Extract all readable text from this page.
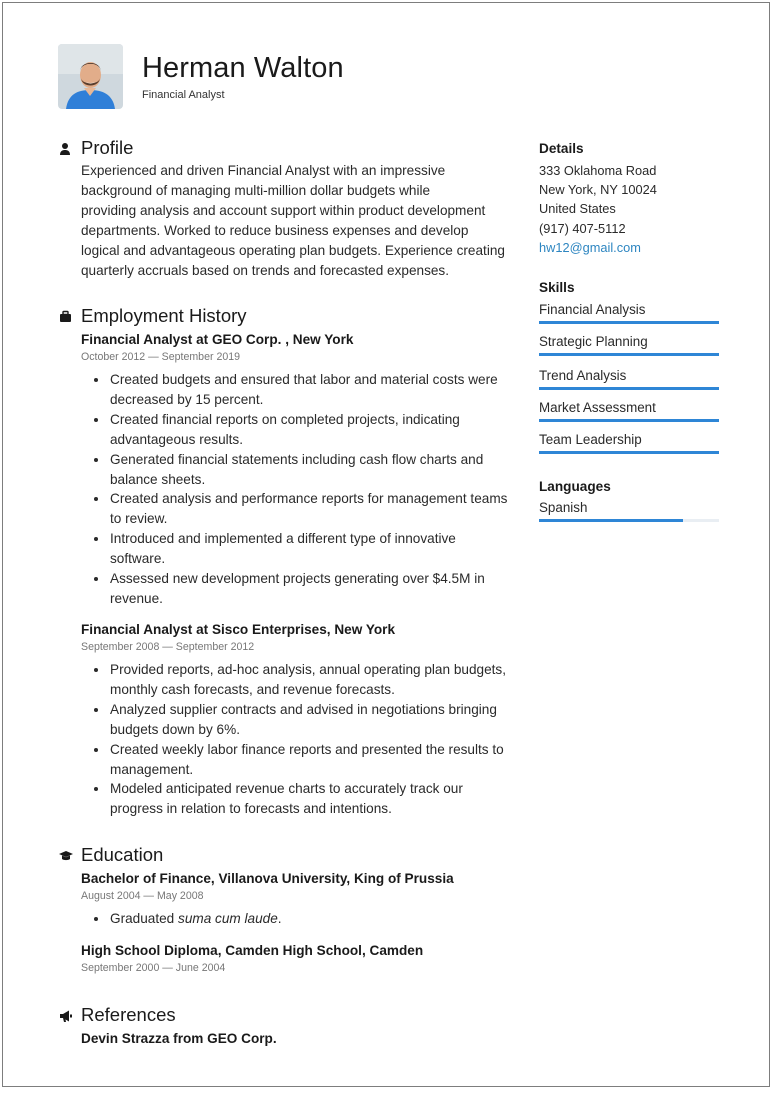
Herman Walton
Financial Analyst
Profile
Experienced and driven Financial Analyst with an impressive
background of managing multi-million dollar budgets while
providing analysis and account support within product development
departments. Worked to reduce business expenses and develop
logical and advantageous operating plan budgets. Experience creating
quarterly accruals based on trends and forecasted expenses.
Employment History
Financial Analyst at GEO Corp. , New York
October 2012 — September 2019
• Created budgets and ensured that labor and material costs were decreased by 15 percent.
• Created financial reports on completed projects, indicating advantageous results.
• Generated financial statements including cash flow charts and balance sheets.
• Created analysis and performance reports for management teams to review.
• Introduced and implemented a different type of innovative software.
• Assessed new development projects generating over $4.5M in revenue.
Financial Analyst at Sisco Enterprises, New York
September 2008 — September 2012
• Provided reports, ad-hoc analysis, annual operating plan budgets, monthly cash forecasts, and revenue forecasts.
• Analyzed supplier contracts and advised in negotiations bringing budgets down by 6%.
• Created weekly labor finance reports and presented the results to management.
• Modeled anticipated revenue charts to accurately track our progress in relation to forecasts and intentions.
Education
Bachelor of Finance, Villanova University, King of Prussia
August 2004 — May 2008
• Graduated suma cum laude.
High School Diploma, Camden High School, Camden
September 2000 — June 2004
References
Devin Strazza from GEO Corp.
Details
333 Oklahoma Road
New York, NY 10024
United States
(917) 407-5112
hw12@gmail.com
Skills
Financial Analysis
Strategic Planning
Trend Analysis
Market Assessment
Team Leadership
Languages
Spanish
